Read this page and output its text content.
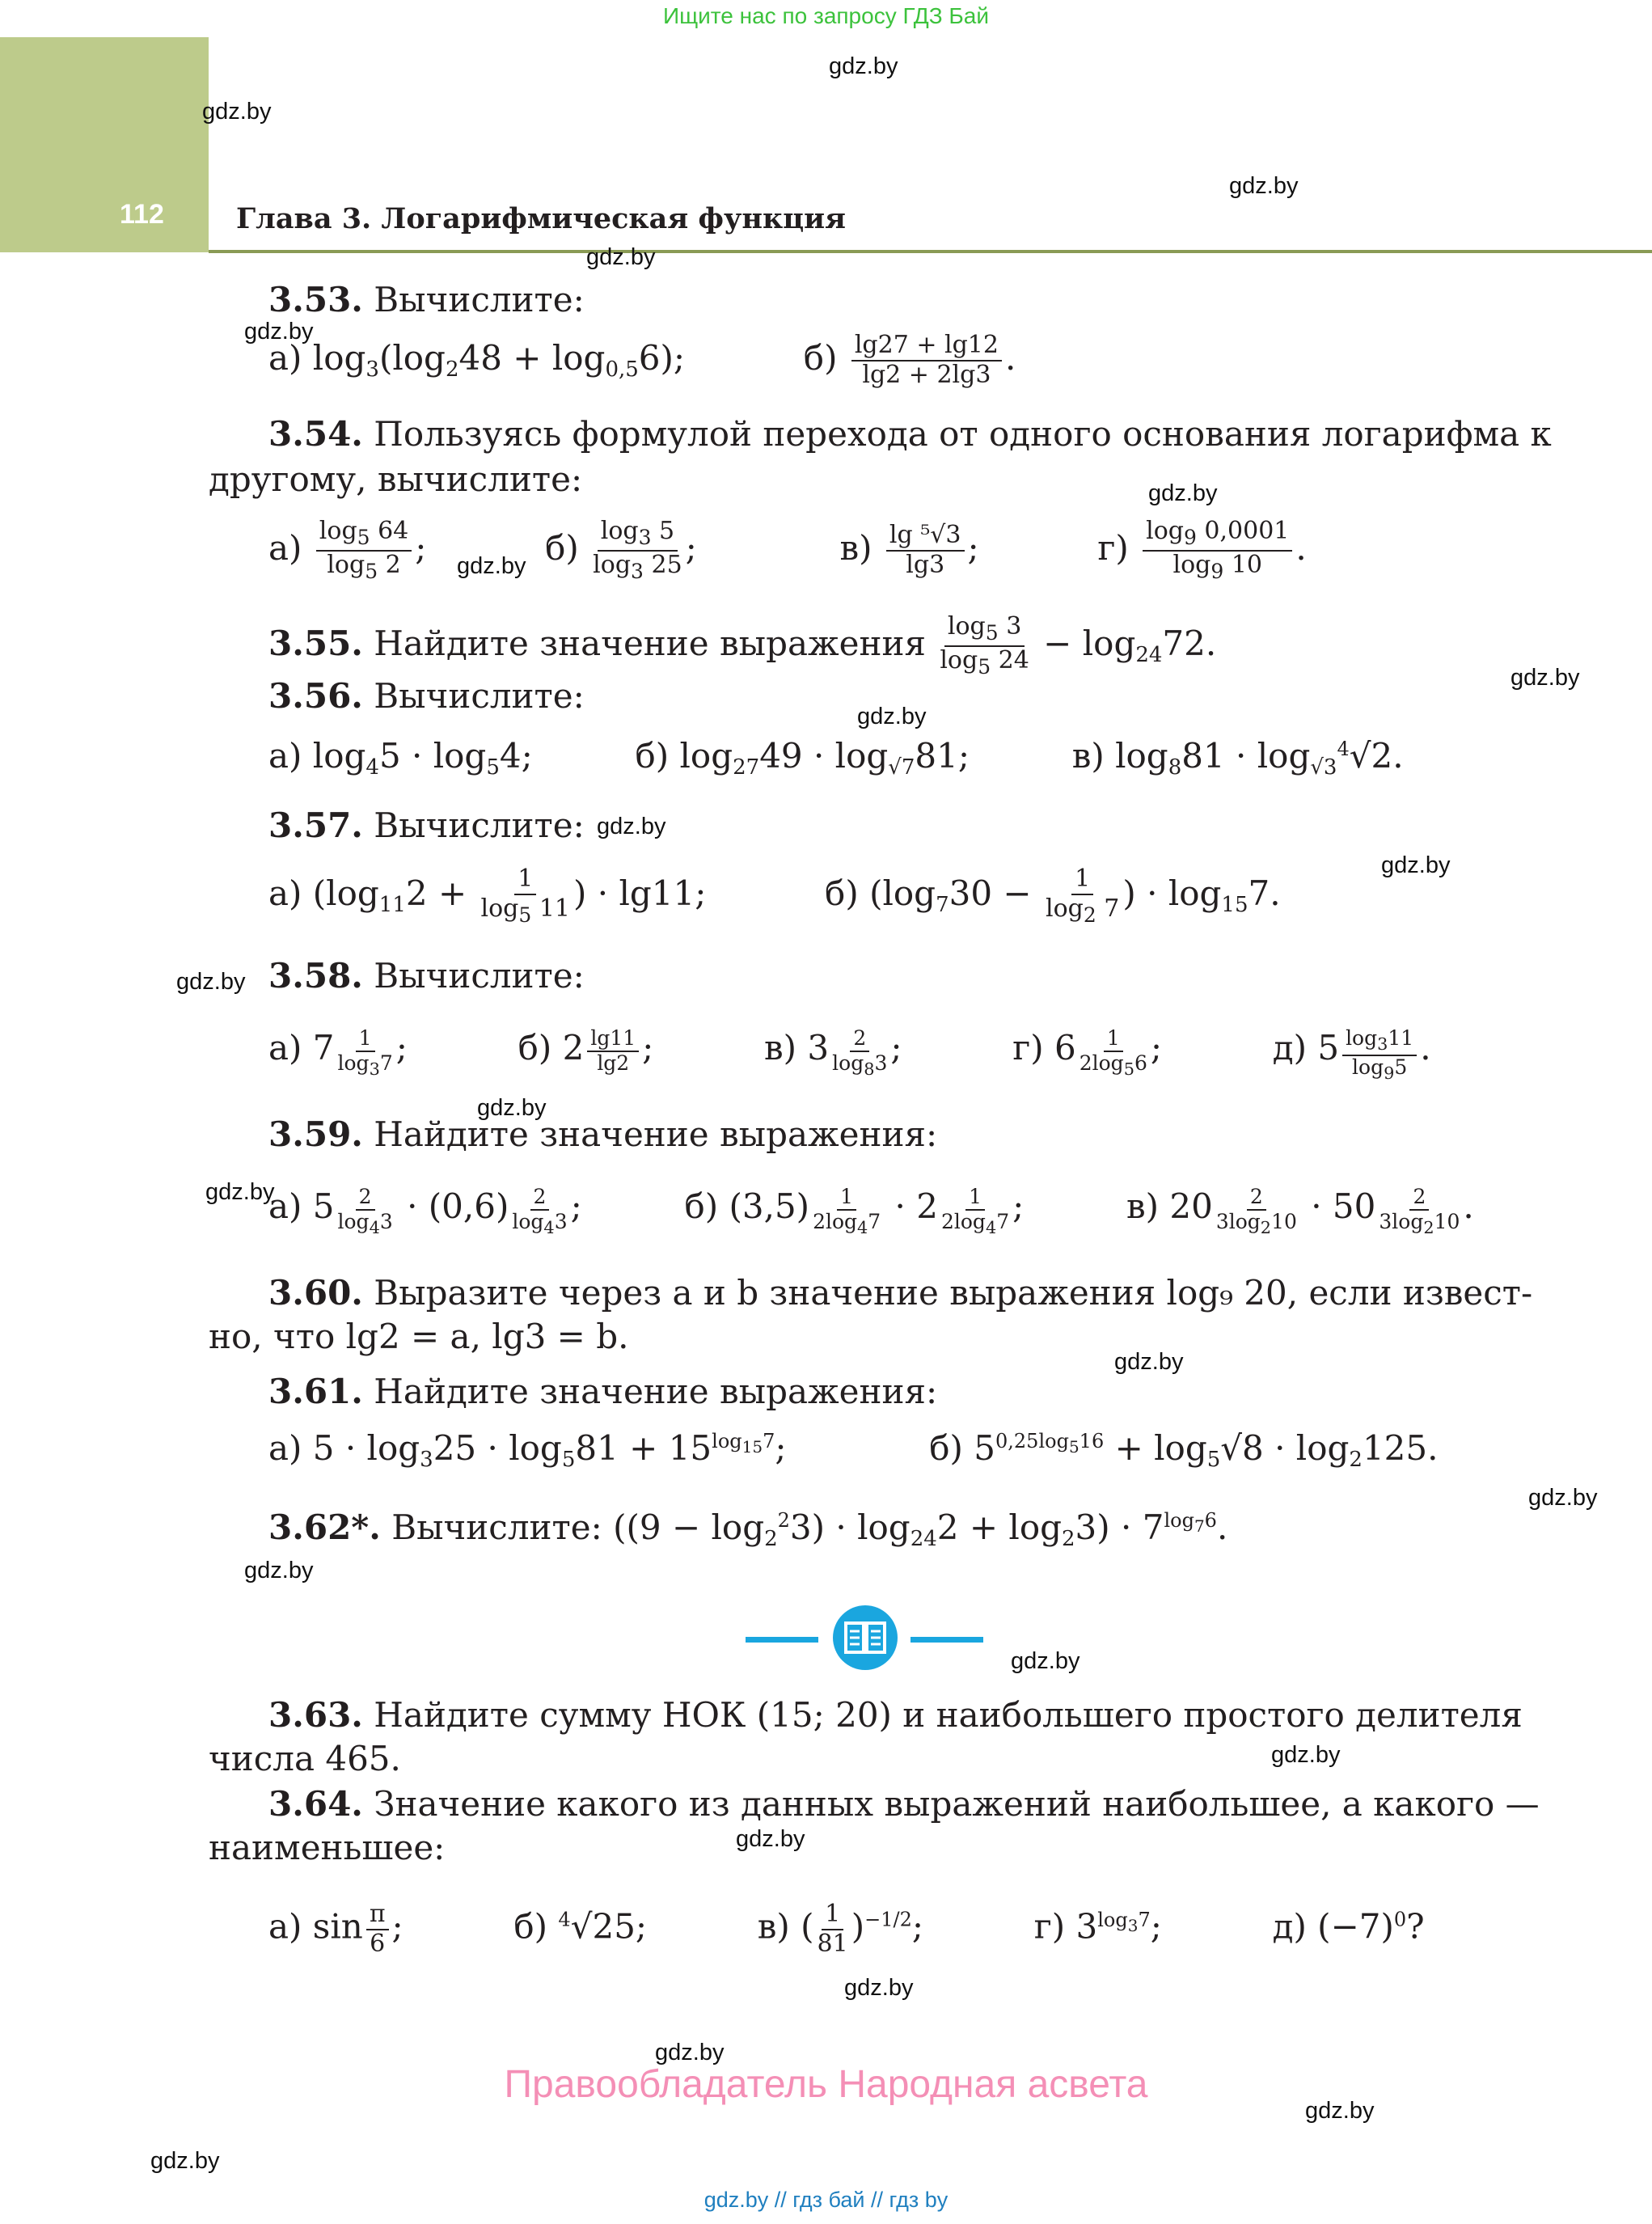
Ищите нас по запросу ГДЗ Бай
112	Глава 3. Логарифмическая функция
gdz.by
gdz.by
gdz.by
gdz.by
gdz.by
gdz.by
gdz.by
gdz.by
gdz.by
gdz.by
gdz.by
gdz.by
gdz.by
gdz.by
gdz.by
gdz.by
gdz.by
gdz.by
gdz.by
gdz.by
gdz.by
gdz.by
gdz.by
gdz.by
3.53. Вычислите:
а) $\log_3(\log_248 + \log_{0,5}6)$;	$б) \frac{\lg 27 + \lg 12}{\lg 2 + 2\lg 3}$ .
3.54. Пользуясь формулой перехода от одного основания логарифма к
другому, вычислите:
$а) \frac{\log_5 64}{\log_5 2}$ ;	$б) \frac{\log_3 5}{\log_3 25}$ ;	$в) \frac{\text{lg ⁵√3}}{\lg 3}$ ;	$г) \frac{\log_9 0,0001}{\log_9 10}$ .
3.55. Найдите значение выражения $\frac{\log_5 3}{\log_5 24} - \log_{24}72$.
3.56. Вычислите:
а) $\log_45 \cdot \log_54$;  б) $\log_{27}49 \cdot \log_{√7}81$;  в) $\log_881 \cdot \log_{√3}^4√2$.
3.57. Вычислите:
а) ($\log_{11}2 + \frac{1}{\log_5 11}$ ) · lg11;	б) ($\log_730 - \frac{1}{\log_2 7}$ ) · $\log_{15}7$.
3.58. Вычислите:
а) $7 \frac{1}{\log_37}$ ;	б) $2 \frac{\lg 11}{\lg 2}$ ;	в) $3 \frac{2}{\log_83}$ ;	г) $6 \frac{1}{2\log_56}$ ;	д) $5 \frac{\log_311}{\log_95}$ .
3.59. Найдите значение выражения:
а) $5 \frac{2}{\log_43} \cdot (0,6) \frac{2}{\log_43}$ ;  б) $(3,5) \frac{1}{2\log_47} \cdot 2 \frac{1}{2\log_47}$ ;  в) $20 \frac{2}{3\log_210} \cdot 50 \frac{2}{3\log_210}$ .
3.60. Выразите через a и b значение выражения log₉ 20, если извест-
но, что lg2 = a, lg3 = b.
3.61. Найдите значение выражения:
а) $5 \cdot \log_325 \cdot \log_581 + 15^{log_{15}7}$;	б) $5^{0,25log_516} + \log_5√8 \cdot \log_2125$.
3.62*. Вычислите: $((9 - \log_2^23) \cdot \log_{24}2 + \log_23) \cdot 7^{log_76}$.
3.63. Найдите сумму НОК (15; 20) и наибольшего простого делителя
числа 465.
3.64. Значение какого из данных выражений наибольшее, а какого —
наименьшее:
а) $\sin \frac{\pi}{6}$ ;	б) $^4$√25;	в) ( $\frac{1}{81} )^{-1/2}$;	г) $3^{log_37}$;	д) $(-7)^0$?
Правообладатель Народная асвета
gdz.by // гдз бай // гдз by
